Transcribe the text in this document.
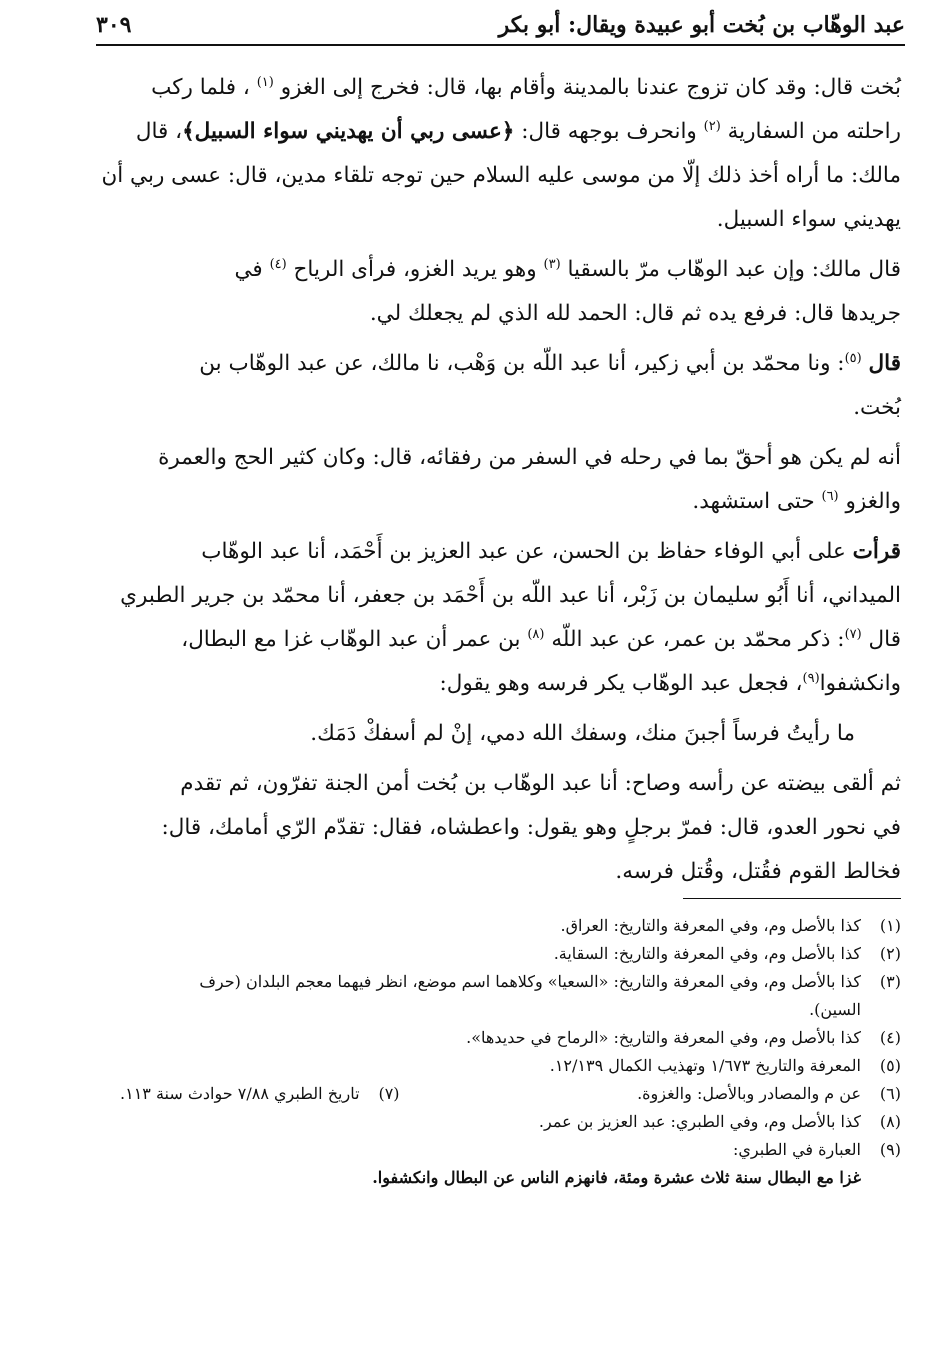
عبد الوهّاب بن بُخت أبو عبيدة ويقال: أبو بكر
٣٠٩

بُخت قال: وقد كان تزوج عندنا بالمدينة وأقام بها، قال: فخرج إلى الغزو $^{(١)}$ ، فلما ركب

راحلته من السفارية $^{(٢)}$ وانحرف بوجهه قال: ﴿عسى ربي أن يهديني سواء السبيل﴾، قال

مالك: ما أراه أخذ ذلك إلّا من موسى عليه السلام حين توجه تلقاء مدين، قال: عسى ربي أن

يهديني سواء السبيل.

قال مالك: وإن عبد الوهّاب مرّ بالسقيا $^{(٣)}$ وهو يريد الغزو، فرأى الرياح $^{(٤)}$ في

جريدها قال: فرفع يده ثم قال: الحمد لله الذي لم يجعلك لي.

قال $^{(٥)}$: ونا محمّد بن أبي زكير، أنا عبد اللّه بن وَهْب، نا مالك، عن عبد الوهّاب بن

بُخت.

أنه لم يكن هو أحقّ بما في رحله في السفر من رفقائه، قال: وكان كثير الحج والعمرة

والغزو $^{(٦)}$ حتى استشهد.

قرأت على أبي الوفاء حفاظ بن الحسن، عن عبد العزيز بن أَحْمَد، أنا عبد الوهّاب

الميداني، أنا أَبُو سليمان بن زَبْر، أنا عبد اللّه بن أَحْمَد بن جعفر، أنا محمّد بن جرير الطبري

قال $^{(٧)}$: ذكر محمّد بن عمر، عن عبد اللّه $^{(٨)}$ بن عمر أن عبد الوهّاب غزا مع البطال،

وانكشفوا$^{(٩)}$، فجعل عبد الوهّاب يكر فرسه وهو يقول:

ما رأيتُ فرساً أجبنَ منك، وسفك الله دمي، إنْ لم أسفكْ دَمَك.

ثم ألقى بيضته عن رأسه وصاح: أنا عبد الوهّاب بن بُخت أمن الجنة تفرّون، ثم تقدم

في نحور العدو، قال: فمرّ برجلٍ وهو يقول: واعطشاه، فقال: تقدّم الرّي أمامك، قال:

فخالط القوم فقُتل، وقُتل فرسه.

(١)
كذا بالأصل وم، وفي المعرفة والتاريخ: العراق.
(٢)
كذا بالأصل وم، وفي المعرفة والتاريخ: السقاية.
(٣)
كذا بالأصل وم، وفي المعرفة والتاريخ: «السعيا» وكلاهما اسم موضع، انظر فيهما معجم البلدان (حرف
السين).
(٤)
كذا بالأصل وم، وفي المعرفة والتاريخ: «الرماح في حديدها».
(٥)
المعرفة والتاريخ ١/٦٧٣ وتهذيب الكمال ١٢/١٣٩.
(٦)
عن م والمصادر وبالأصل: والغزوة.
(٧)
تاريخ الطبري ٧/٨٨ حوادث سنة ١١٣.
(٨)
كذا بالأصل وم، وفي الطبري: عبد العزيز بن عمر.
(٩)
العبارة في الطبري:
غزا مع البطال سنة ثلاث عشرة ومئة، فانهزم الناس عن البطال وانكشفوا.
